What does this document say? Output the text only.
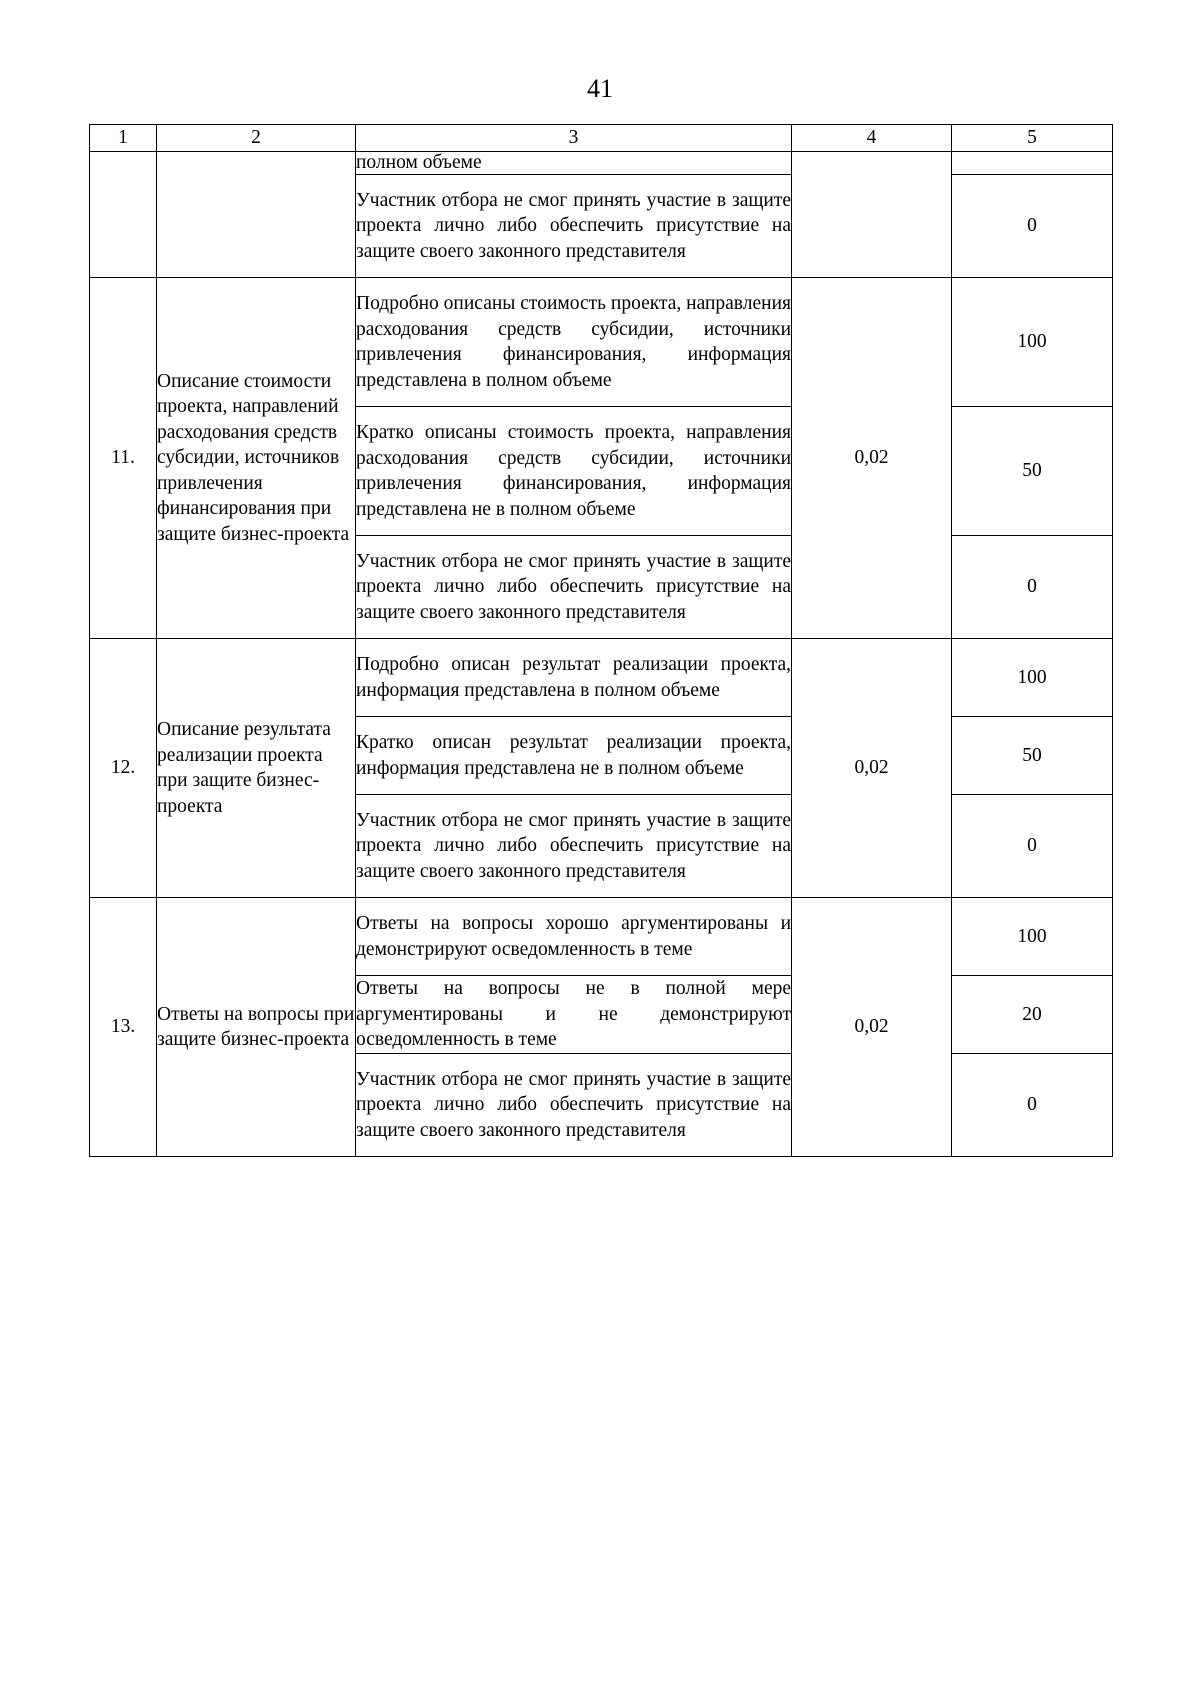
41
1	2	3	4	5
		полном объеме		
		Участник отбора не смог принять участие в защите проекта лично либо обеспечить присутствие на защите своего законного представителя		0
11.	Описание стоимости проекта, направлений расходования средств субсидии, источников привлечения финансирования при защите бизнес-проекта	Подробно описаны стоимость проекта, направления расходования средств субсидии, источники привлечения финансирования, информация представлена в полном объеме	0,02	100
		Кратко описаны стоимость проекта, направления расходования средств субсидии, источники привлечения финансирования, информация представлена не в полном объеме		50
		Участник отбора не смог принять участие в защите проекта лично либо обеспечить присутствие на защите своего законного представителя		0
12.	Описание результата реализации проекта при защите бизнес-проекта	Подробно описан результат реализации проекта, информация представлена в полном объеме	0,02	100
		Кратко описан результат реализации проекта, информация представлена не в полном объеме		50
		Участник отбора не смог принять участие в защите проекта лично либо обеспечить присутствие на защите своего законного представителя		0
13.	Ответы на вопросы при защите бизнес-проекта	Ответы на вопросы хорошо аргументированы и демонстрируют осведомленность в теме	0,02	100
		Ответы на вопросы не в полной мере аргументированы и не демонстрируют осведомленность в теме		20
		Участник отбора не смог принять участие в защите проекта лично либо обеспечить присутствие на защите своего законного представителя		0
